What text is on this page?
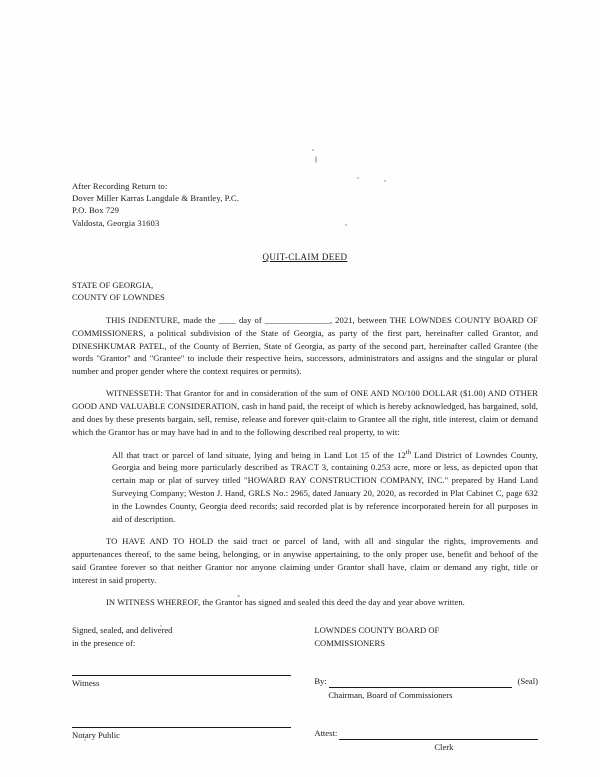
After Recording Return to:
Dover Miller Karras Langdale & Brantley, P.C.
P.O. Box 729
Valdosta, Georgia 31603
QUIT-CLAIM DEED
STATE OF GEORGIA,
COUNTY OF LOWNDES

THIS INDENTURE, made the ____ day of _______________, 2021, between THE LOWNDES COUNTY BOARD OF COMMISSIONERS, a political subdivision of the State of Georgia, as party of the first part, hereinafter called Grantor, and DINESHKUMAR PATEL, of the County of Berrien, State of Georgia, as party of the second part, hereinafter called Grantee (the words "Grantor" and "Grantee" to include their respective heirs, successors, administrators and assigns and the singular or plural number and proper gender where the context requires or permits).

WITNESSETH: That Grantor for and in consideration of the sum of ONE AND NO/100 DOLLAR ($1.00) AND OTHER GOOD AND VALUABLE CONSIDERATION, cash in hand paid, the receipt of which is hereby acknowledged, has bargained, sold, and does by these presents bargain, sell, remise, release and forever quit-claim to Grantee all the right, title interest, claim or demand which the Grantor has or may have had in and to the following described real property, to wit:

All that tract or parcel of land situate, lying and being in Land Lot 15 of the 12th Land District of Lowndes County, Georgia and being more particularly described as TRACT 3, containing 0.253 acre, more or less, as depicted upon that certain map or plat of survey titled "HOWARD RAY CONSTRUCTION COMPANY, INC." prepared by Hand Land Surveying Company; Weston J. Hand, GRLS No.: 2965, dated January 20, 2020, as recorded in Plat Cabinet C, page 632 in the Lowndes County, Georgia deed records; said recorded plat is by reference incorporated herein for all purposes in aid of description.

TO HAVE AND TO HOLD the said tract or parcel of land, with all and singular the rights, improvements and appurtenances thereof, to the same being, belonging, or in anywise appertaining, to the only proper use, benefit and behoof of the said Grantee forever so that neither Grantor nor anyone claiming under Grantor shall have, claim or demand any right, title or interest in said property.

IN WITNESS WHEREOF, the Grantor has signed and sealed this deed the day and year above written.

Signed, sealed, and delivered
in the presence of:
LOWNDES COUNTY BOARD OF
COMMISSIONERS
Witness	By:	(Seal)
Chairman, Board of Commissioners
Notary Public	Attest:
Clerk
